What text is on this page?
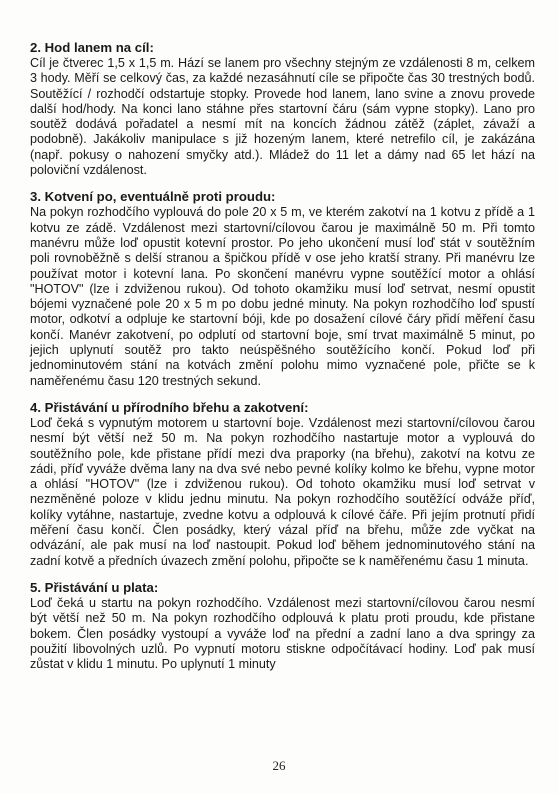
2. Hod lanem na cíl:

Cíl je čtverec 1,5 x 1,5 m. Hází se lanem pro všechny stejným ze vzdálenosti 8 m, celkem 3 hody. Měří se celkový čas, za každé nezasáhnutí cíle se připočte čas 30 trestných bodů. Soutěžící / rozhodčí odstartuje stopky. Provede hod lanem, lano svine a znovu provede další hod/hody. Na konci lano stáhne přes startovní čáru (sám vypne stopky). Lano pro soutěž dodává pořadatel a nesmí mít na koncích žádnou zátěž (záplet, závaží a podobně). Jakákoliv manipulace s již hozeným lanem, které netrefilo cíl, je zakázána (např. pokusy o nahození smyčky atd.). Mládež do 11 let a dámy nad 65 let hází na poloviční vzdálenost.

3. Kotvení po, eventuálně proti proudu:

Na pokyn rozhodčího vyplouvá do pole 20 x 5 m, ve kterém zakotví na 1 kotvu z přídě a 1 kotvu ze zádě. Vzdálenost mezi startovní/cílovou čarou je maximálně 50 m. Při tomto manévru může loď opustit kotevní prostor. Po jeho ukončení musí loď stát v soutěžním poli rovnoběžně s delší stranou a špičkou přídě v ose jeho kratší strany. Při manévru lze používat motor i kotevní lana. Po skončení manévru vypne soutěžící motor a ohlásí "HOTOV" (lze i zdviženou rukou). Od tohoto okamžiku musí loď setrvat, nesmí opustit bójemi vyznačené pole 20 x 5 m po dobu jedné minuty. Na pokyn rozhodčího loď spustí motor, odkotví a odpluje ke startovní bóji, kde po dosažení cílové čáry přidí měření času končí. Manévr zakotvení, po odplutí od startovní boje, smí trvat maximálně 5 minut, po jejich uplynutí soutěž pro takto neúspěšného soutěžícího končí. Pokud loď při jednominutovém stání na kotvách změní polohu mimo vyznačené pole, přičte se k naměřenému času 120 trestných sekund.

4. Přistávání u přírodního břehu a zakotvení:

Loď čeká s vypnutým motorem u startovní boje. Vzdálenost mezi startovní/cílovou čarou nesmí být větší než 50 m. Na pokyn rozhodčího nastartuje motor a vyplouvá do soutěžního pole, kde přistane přídí mezi dva praporky (na břehu), zakotví na kotvu ze zádi, příď vyváže dvěma lany na dva své nebo pevné kolíky kolmo ke břehu, vypne motor a ohlásí "HOTOV" (lze i zdviženou rukou). Od tohoto okamžiku musí loď setrvat v nezměněné poloze v klidu jednu minutu. Na pokyn rozhodčího soutěžící odváže příď, kolíky vytáhne, nastartuje, zvedne kotvu a odplouvá k cílové čáře. Při jejím protnutí přidí měření času končí. Člen posádky, který vázal příď na břehu, může zde vyčkat na odvázání, ale pak musí na loď nastoupit. Pokud loď během jednominutového stání na zadní kotvě a předních úvazech změní polohu, připočte se k naměřenému času 1 minuta.

5. Přistávání u plata:

Loď čeká u startu na pokyn rozhodčího. Vzdálenost mezi startovní/cílovou čarou nesmí být větší než 50 m. Na pokyn rozhodčího odplouvá k platu proti proudu, kde přistane bokem. Člen posádky vystoupí a vyváže loď na přední a zadní lano a dva springy za použití libovolných uzlů. Po vypnutí motoru stiskne odpočítávací hodiny. Loď pak musí zůstat v klidu 1 minutu. Po uplynutí 1 minuty

26
